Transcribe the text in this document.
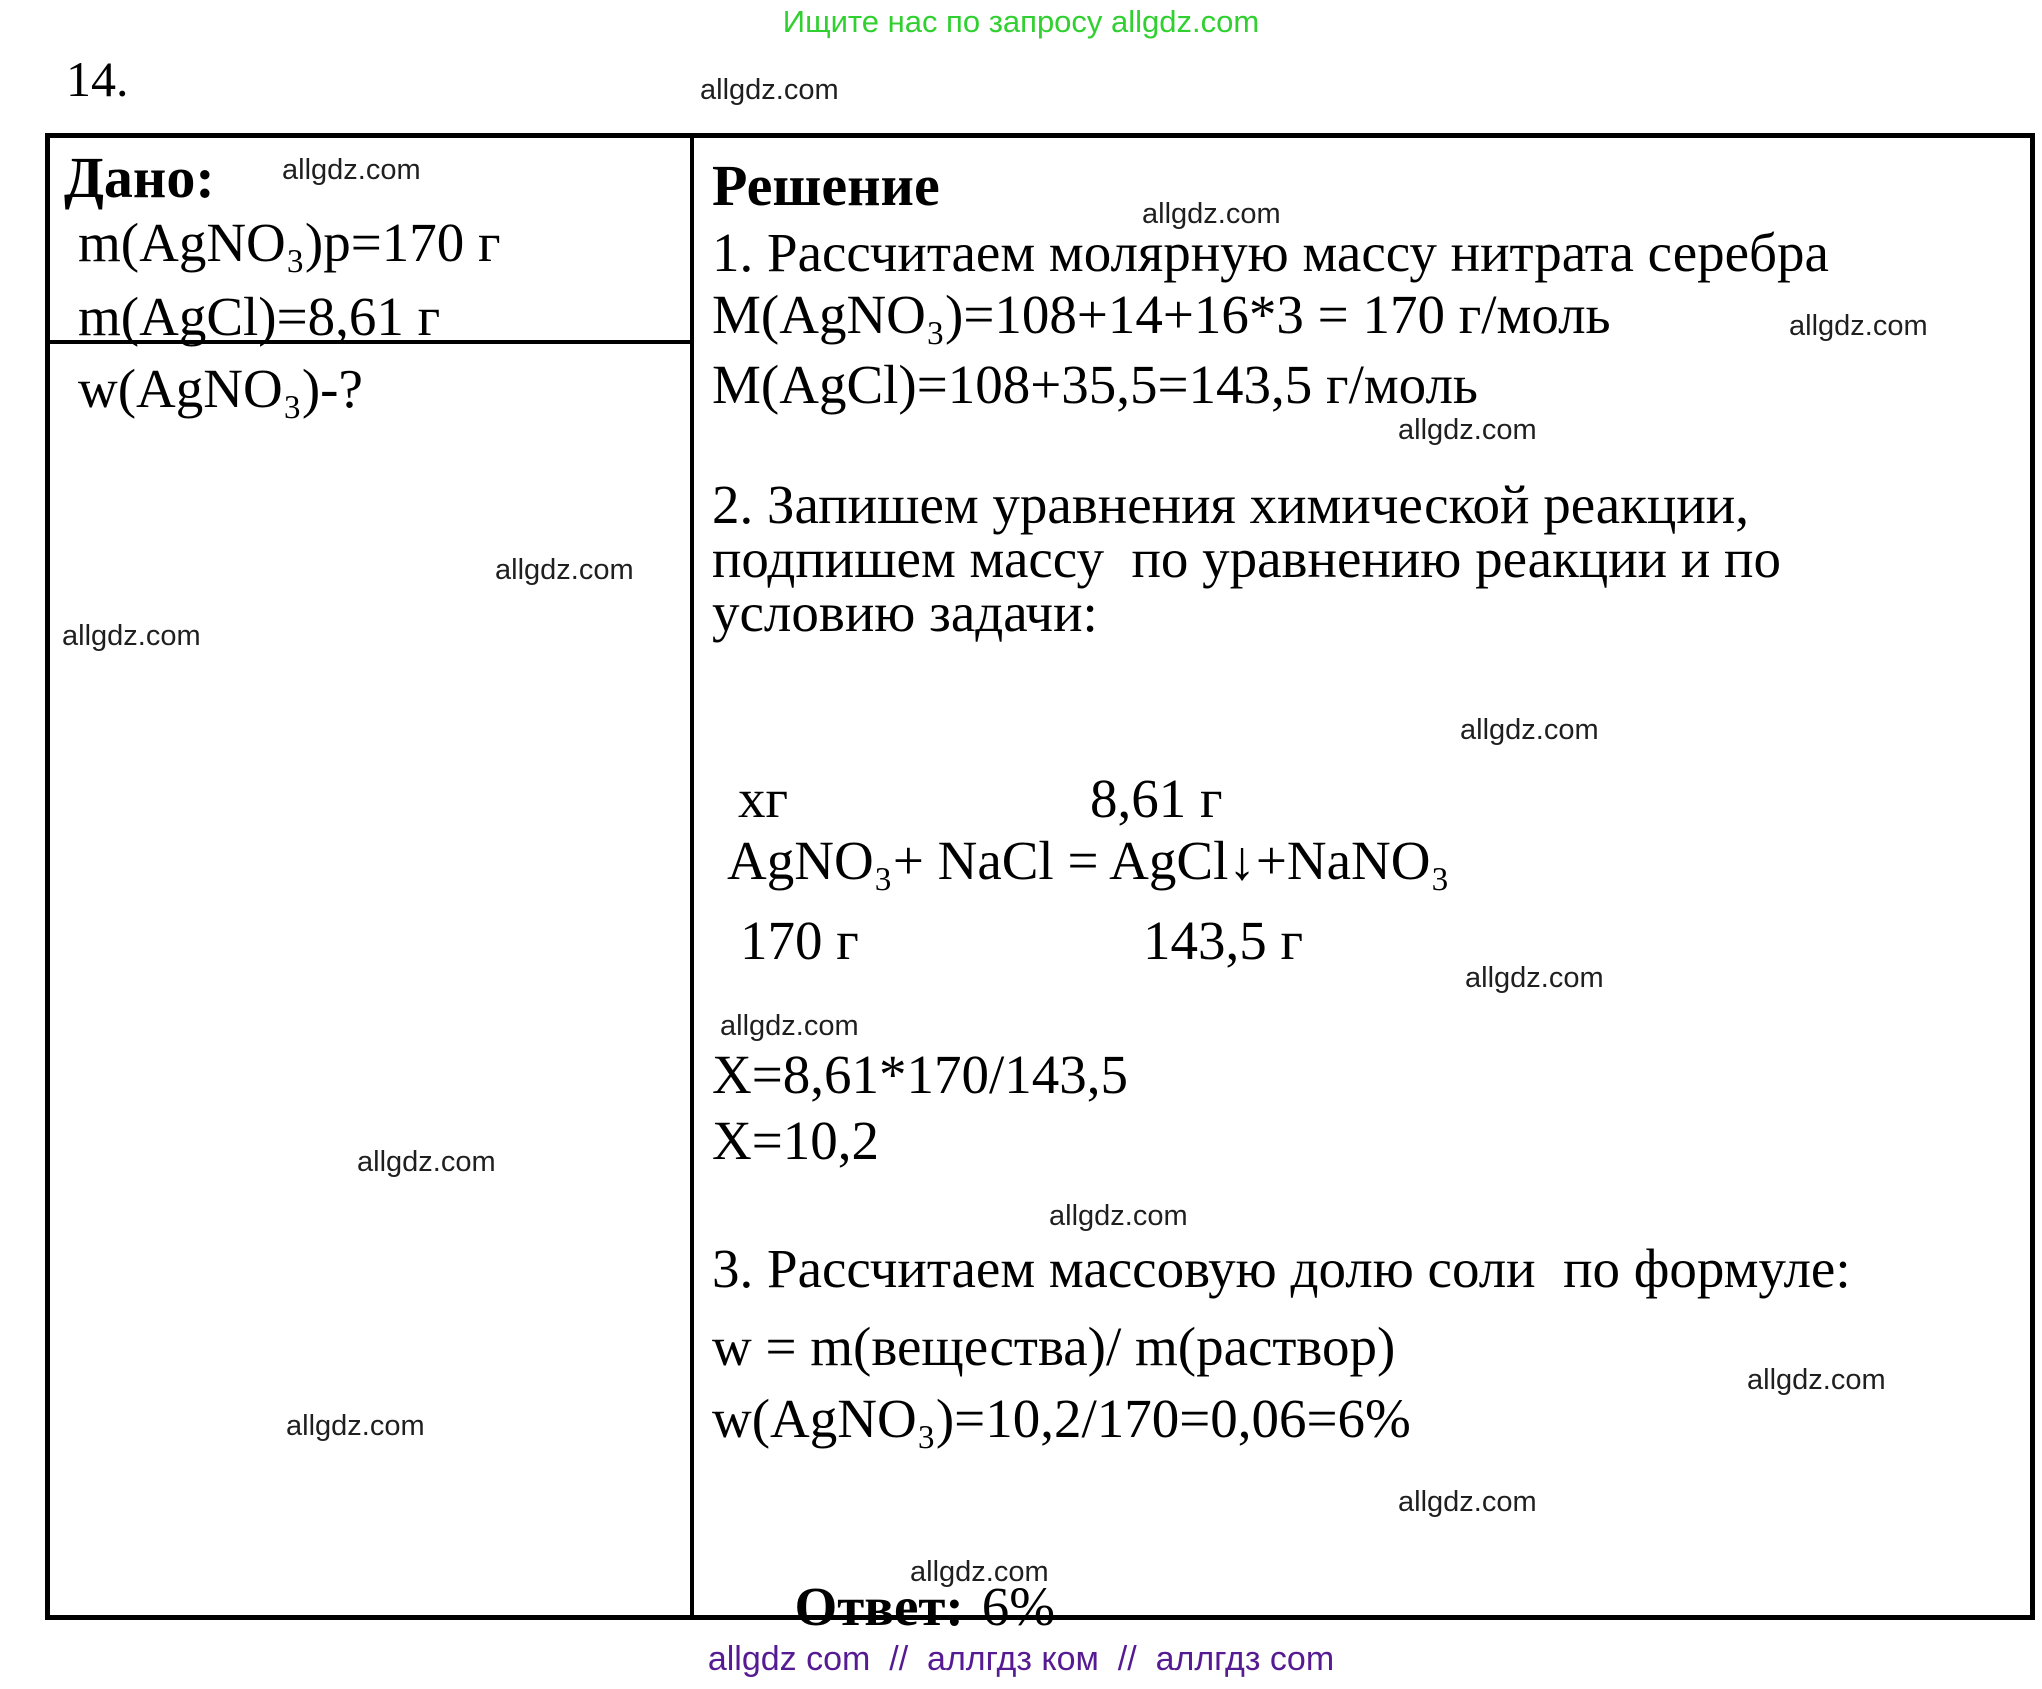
Ищите нас по запросу allgdz.com
allgdz.com
14.
Дано: allgdz.com
m(AgNO₃)р=170 г
m(AgCl)=8,61 г
w(AgNO₃)-?
allgdz.com
allgdz.com
allgdz.com
allgdz.com
Решение	allgdz.com
1. Рассчитаем молярную массу нитрата серебра
M(AgNO₃)=108+14+16*3 = 170 г/моль	allgdz.com
M(AgCl)=108+35,5=143,5 г/моль
allgdz.com
2. Запишем уравнения химической реакции,
подпишем массу  по уравнению реакции и по
условию задачи:
allgdz.com
хг	8,61 г
AgNO₃+ NaCl = AgCl↓+NaNO₃
170 г	143,5 г
allgdz.com
allgdz.com
X=8,61*170/143,5
X=10,2
allgdz.com
3. Рассчитаем массовую долю соли  по формуле:
w = m(вещества)/ m(раствор)
allgdz.com
w(AgNO₃)=10,2/170=0,06=6%
allgdz.com

Ответ: 6%

allgdz.com
allgdz com  //  аллгдз ком  //  аллгдз com
